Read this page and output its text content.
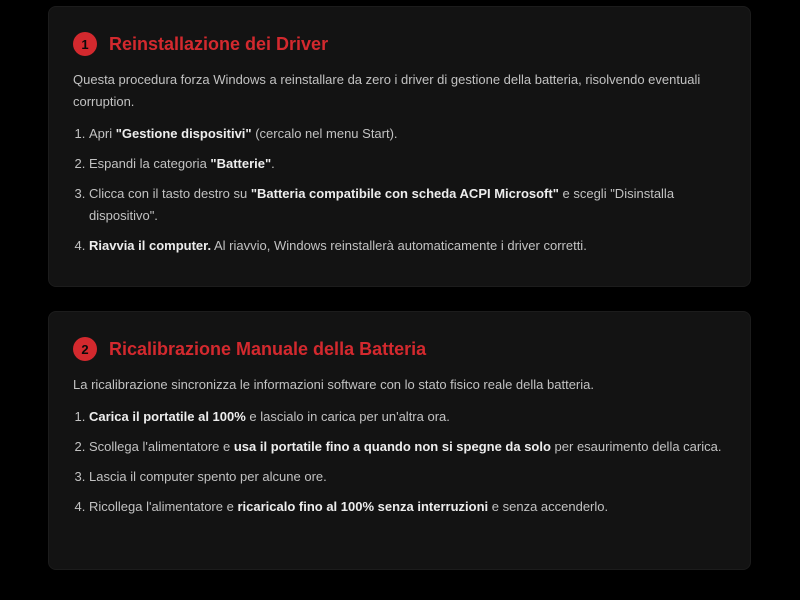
1	Reinstallazione dei Driver
Questa procedura forza Windows a reinstallare da zero i driver di gestione della batteria, risolvendo eventuali corruption.
1. Apri "Gestione dispositivi" (cercalo nel menu Start).
2. Espandi la categoria "Batterie".
3. Clicca con il tasto destro su "Batteria compatibile con scheda ACPI Microsoft" e scegli "Disinstalla dispositivo".
4. Riavvia il computer. Al riavvio, Windows reinstallerà automaticamente i driver corretti.
2	Ricalibrazione Manuale della Batteria
La ricalibrazione sincronizza le informazioni software con lo stato fisico reale della batteria.
1. Carica il portatile al 100% e lascialo in carica per un'altra ora.
2. Scollega l'alimentatore e usa il portatile fino a quando non si spegne da solo per esaurimento della carica.
3. Lascia il computer spento per alcune ore.
4. Ricollega l'alimentatore e ricaricalo fino al 100% senza interruzioni e senza accenderlo.
